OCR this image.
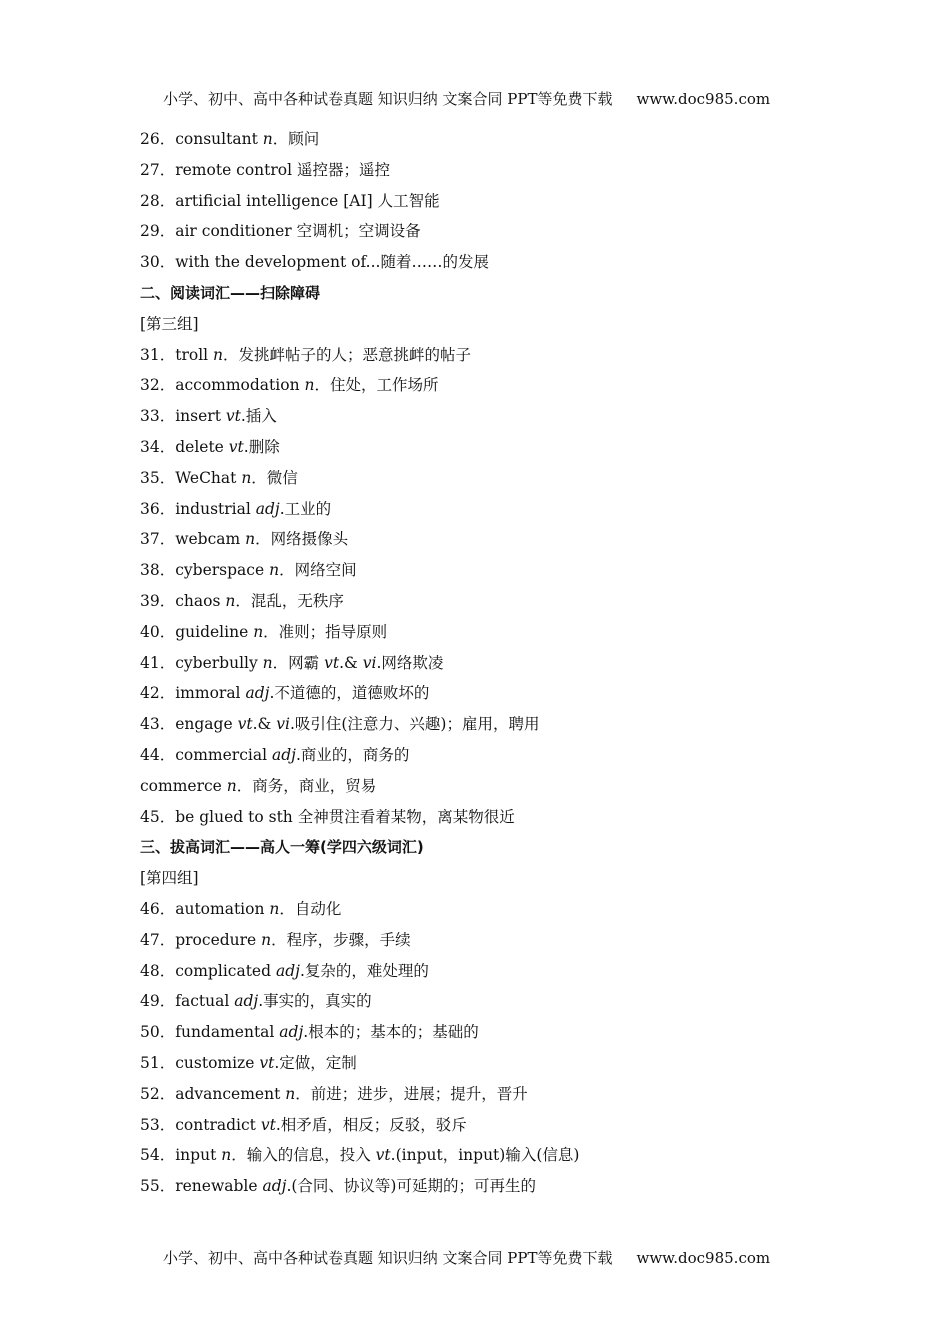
小学、初中、高中各种试卷真题 知识归纳 文案合同 PPT等免费下载 www.doc985.com
26．consultant n．顾问
27．remote control 遥控器；遥控
28．artificial intelligence [AI] 人工智能
29．air conditioner 空调机；空调设备
30．with the development of...随着……的发展
二、阅读词汇——扫除障碍
[第三组]
31．troll n．发挑衅帖子的人；恶意挑衅的帖子
32．accommodation n．住处，工作场所
33．insert vt.插入
34．delete vt.删除
35．WeChat n．微信
36．industrial adj.工业的
37．webcam n．网络摄像头
38．cyberspace n．网络空间
39．chaos n．混乱，无秩序
40．guideline n．准则；指导原则
41．cyberbully n．网霸 vt.& vi.网络欺凌
42．immoral adj.不道德的，道德败坏的
43．engage vt.& vi.吸引住(注意力、兴趣)；雇用，聘用
44．commercial adj.商业的，商务的
commerce n．商务，商业，贸易
45．be glued to sth 全神贯注看着某物，离某物很近
三、拔高词汇——高人一筹(学四六级词汇)
[第四组]
46．automation n．自动化
47．procedure n．程序，步骤，手续
48．complicated adj.复杂的，难处理的
49．factual adj.事实的，真实的
50．fundamental adj.根本的；基本的；基础的
51．customize vt.定做，定制
52．advancement n．前进；进步，进展；提升，晋升
53．contradict vt.相矛盾，相反；反驳，驳斥
54．input n．输入的信息，投入 vt.(input，input)输入(信息)
55．renewable adj.(合同、协议等)可延期的；可再生的
小学、初中、高中各种试卷真题 知识归纳 文案合同 PPT等免费下载 www.doc985.com
